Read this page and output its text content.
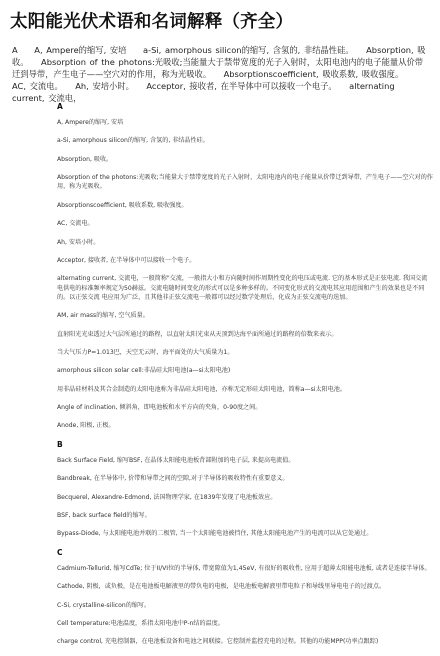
太阳能光伏术语和名词解释（齐全）

A　　A, Ampere的缩写, 安培　　a-Si, amorphous silicon的缩写, 含氢的, 非结晶性硅。　　Absorption, 吸收。　　Absorption of the photons:光吸收;当能量大于禁带宽度的光子入射时，太阳电池内的电子能量从价带迁到导带，产生电子——空穴对的作用，称为光吸收。　　Absorptionscoefficient, 吸收系数, 吸收强度。　　AC, 交流电。　　Ah, 安培小时。　　Acceptor, 接收者, 在半导体中可以接收一个电子。　　alternating current, 交流电，

A

A, Ampere的缩写, 安培

a-Si, amorphous silicon的缩写, 含氢的, 非结晶性硅。

Absorption, 吸收。

Absorption of the photons:光吸收;当能量大于禁带宽度的光子入射时，太阳电池内的电子能量从价带迁到导带，产生电子——空穴对的作用，称为光吸收。

Absorptionscoefficient, 吸收系数, 吸收强度。

AC, 交流电。

Ah, 安培小时。

Acceptor, 接收者, 在半导体中可以接收一个电子。

alternating current, 交流电，一般简称"交流，一般指大小和方向随时间作周期性变化的电压或电流. 它的基本形式是正弦电流. 我国交流电供电的标准频率规定为50赫兹。交流电随时间变化的形式可以是多种多样的。不同变化形式的交流电其应用范围和产生的效果也是不同的。以正弦交流 电应用为广泛，且其他非正弦交流电一般都可以经过数学处理后，化成为正弦交流电的迭加。

AM, air mass的缩写, 空气质量。

直射阳光光束透过大气层所通过的路程，以直射太阳光束从天顶到达海平面所通过的路程的倍数来表示。

当大气压力P=1.013巴，天空无云时，海平面处的大气质量为1。

amorphous silicon solar cell:非晶硅太阳电池(a—si太阳电池)

用非晶硅材料及其合金制造的太阳电池称为非晶硅太阳电池，亦称无定形硅太阳电池，简称a—si太阳电池。

Angle of inclination, 倾斜角，即电池板和水平方向的夹角，0-90度之间。

Anode, 阳极, 正极。

B

Back Surface Field, 缩写BSF, 在晶体太阳能电池板背部附加的电子层, 来提高电流值。

Bandbreak, 在半导体中, 价带和导带之间的空隙,对于半导体的吸收特性有重要意义。

Becquerel, Alexandre-Edmond, 法国物理学家, 在1839年发现了电池板效应。

BSF, back surface field的缩写。

Bypass-Diode, 与太阳能电池并联的二极管, 当一个太阳能电池被挡住, 其他太阳能电池产生的电流可以从它处通过。

C

Cadmium-Tellurid, 缩写CdTe; 位于II/VI位的半导体, 带宽隙值为1,45eV, 有很好的吸收性, 应用于超薄太阳能电池板, 或者是连接半导体。

Cathode, 阴极，或负极，是在电池板电解液里的带负电的电极，是电池板电解液里带电粒子和导线里导电电子的过渡点。

C-Si, crystalline-silicon的缩写。

Cell temperature:电池温度，系指太阳电池中P-n结的温度。

charge control, 充电控制器，在电池板设备和电池之间联接。它控制并监控充电的过程。其他的功能MPP(功率点跟踪)
